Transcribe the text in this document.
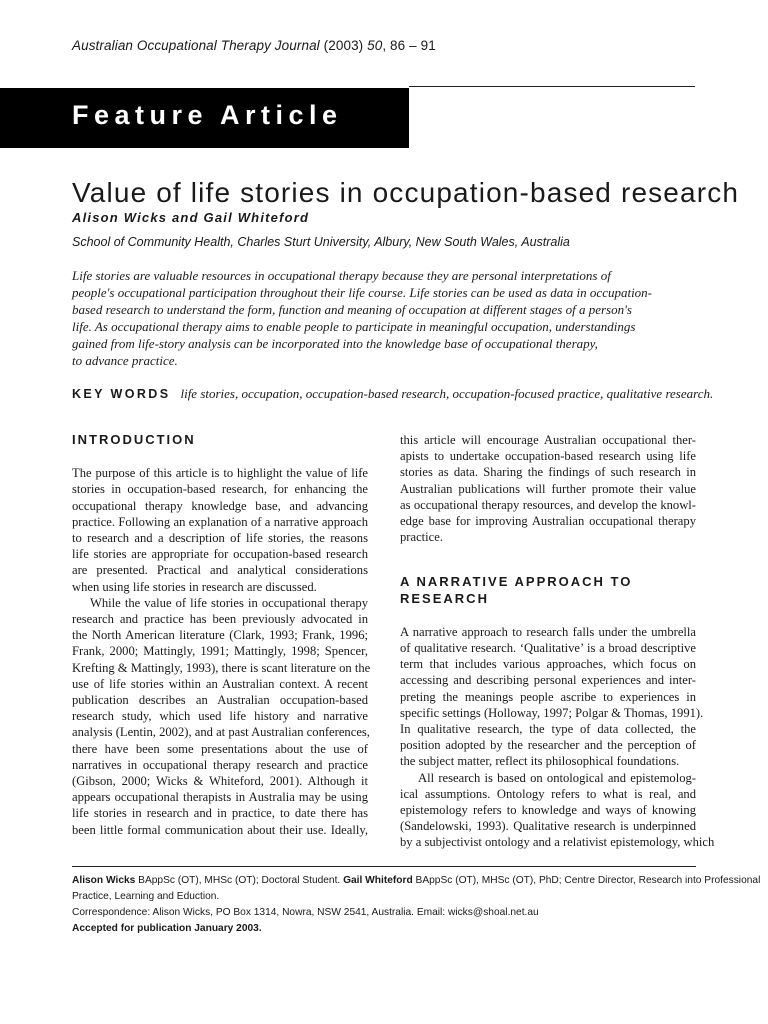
Australian Occupational Therapy Journal (2003) 50, 86 – 91
Feature Article
Value of life stories in occupation-based research
Alison Wicks and Gail Whiteford
School of Community Health, Charles Sturt University, Albury, New South Wales, Australia

Life stories are valuable resources in occupational therapy because they are personal interpretations of

people's occupational participation throughout their life course. Life stories can be used as data in occupation-

based research to understand the form, function and meaning of occupation at different stages of a person's

life. As occupational therapy aims to enable people to participate in meaningful occupation, understandings

gained from life-story analysis can be incorporated into the knowledge base of occupational therapy,

to advance practice.

KEY WORDS life stories, occupation, occupation-based research, occupation-focused practice, qualitative research.
INTRODUCTION

The purpose of this article is to highlight the value of life
stories in occupation-based research, for enhancing the
occupational therapy knowledge base, and advancing
practice. Following an explanation of a narrative approach
to research and a description of life stories, the reasons
life stories are appropriate for occupation-based research
are presented. Practical and analytical considerations
when using life stories in research are discussed.

While the value of life stories in occupational therapy
research and practice has been previously advocated in
the North American literature (Clark, 1993; Frank, 1996;
Frank, 2000; Mattingly, 1991; Mattingly, 1998; Spencer,
Krefting & Mattingly, 1993), there is scant literature on the
use of life stories within an Australian context. A recent
publication describes an Australian occupation-based
research study, which used life history and narrative
analysis (Lentin, 2002), and at past Australian conferences,
there have been some presentations about the use of
narratives in occupational therapy research and practice
(Gibson, 2000; Wicks & Whiteford, 2001). Although it
appears occupational therapists in Australia may be using
life stories in research and in practice, to date there has
been little formal communication about their use. Ideally,

this article will encourage Australian occupational ther-
apists to undertake occupation-based research using life
stories as data. Sharing the findings of such research in
Australian publications will further promote their value
as occupational therapy resources, and develop the knowl-
edge base for improving Australian occupational therapy
practice.

A NARRATIVE APPROACH TO RESEARCH

A narrative approach to research falls under the umbrella
of qualitative research. ‘Qualitative’ is a broad descriptive
term that includes various approaches, which focus on
accessing and describing personal experiences and inter-
preting the meanings people ascribe to experiences in
specific settings (Holloway, 1997; Polgar & Thomas, 1991).
In qualitative research, the type of data collected, the
position adopted by the researcher and the perception of
the subject matter, reflect its philosophical foundations.

All research is based on ontological and epistemolog-
ical assumptions. Ontology refers to what is real, and
epistemology refers to knowledge and ways of knowing
(Sandelowski, 1993). Qualitative research is underpinned
by a subjectivist ontology and a relativist epistemology, which

Alison Wicks BAppSc (OT), MHSc (OT); Doctoral Student. Gail Whiteford BAppSc (OT), MHSc (OT), PhD; Centre Director, Research into Professional

Practice, Learning and Eduction.

Correspondence: Alison Wicks, PO Box 1314, Nowra, NSW 2541, Australia. Email: wicks@shoal.net.au

Accepted for publication January 2003.
